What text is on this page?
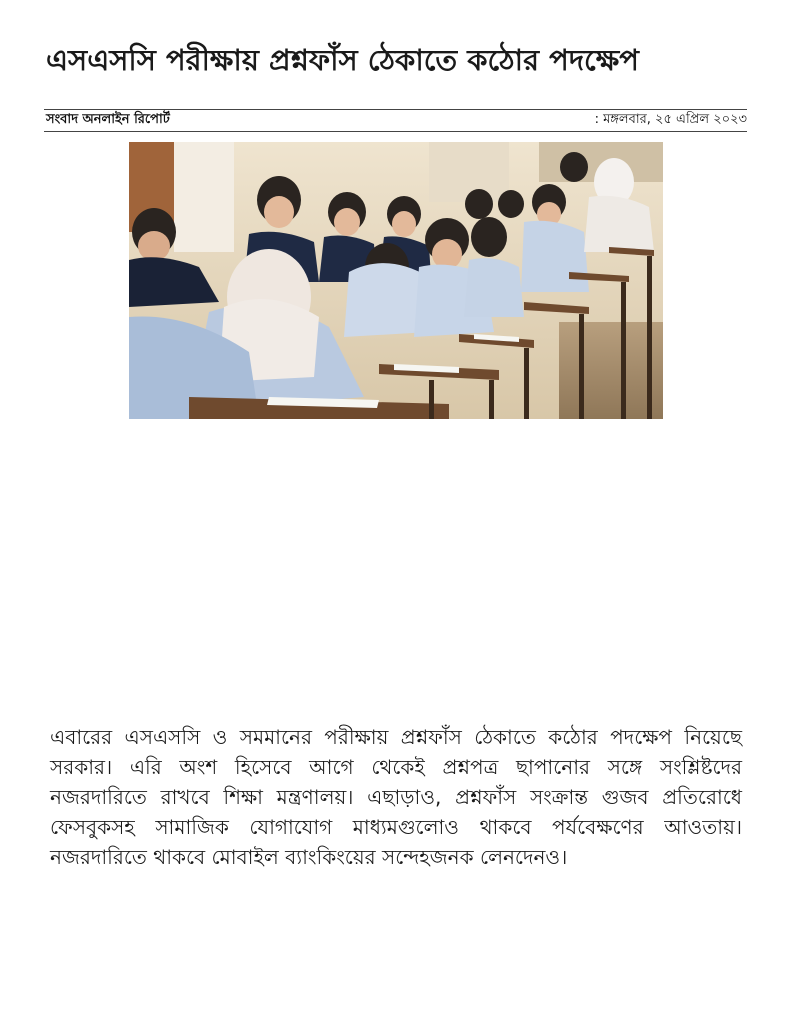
এসএসসি পরীক্ষায় প্রশ্নফাঁস ঠেকাতে কঠোর পদক্ষেপ
সংবাদ অনলাইন রিপোর্ট	: মঙ্গলবার, ২৫ এপ্রিল ২০২৩
এবারের এসএসসি ও সমমানের পরীক্ষায় প্রশ্নফাঁস ঠেকাতে কঠোর পদক্ষেপ নিয়েছে সরকার। এরি অংশ হিসেবে আগে থেকেই প্রশ্নপত্র ছাপানোর সঙ্গে সংশ্লিষ্টদের নজরদারিতে রাখবে শিক্ষা মন্ত্রণালয়। এছাড়াও, প্রশ্নফাঁস সংক্রান্ত গুজব প্রতিরোধে ফেসবুকসহ সামাজিক যোগাযোগ মাধ্যমগুলোও থাকবে পর্যবেক্ষণের আওতায়। নজরদারিতে থাকবে মোবাইল ব্যাংকিংয়ের সন্দেহজনক লেনদেনও।
